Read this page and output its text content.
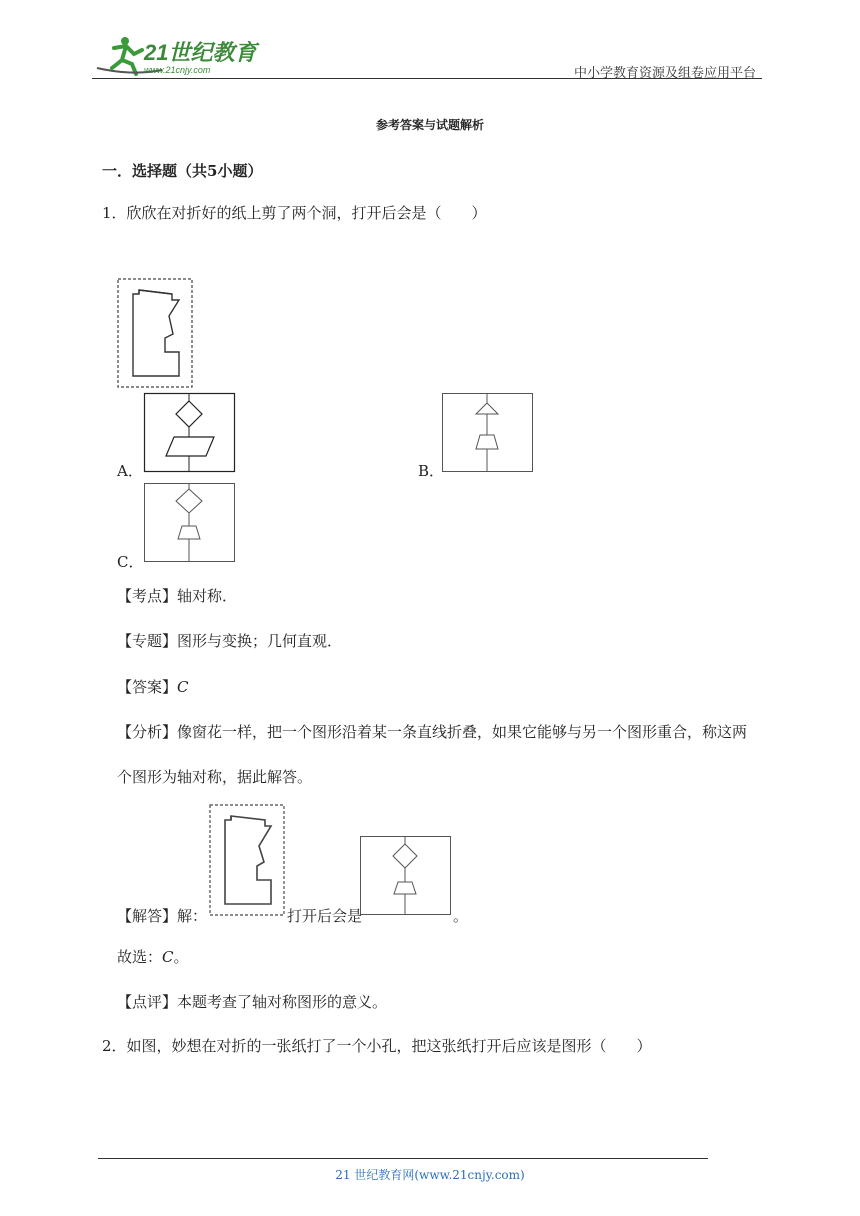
21世纪教育
www.21cnjy.com	中小学教育资源及组卷应用平台
参考答案与试题解析
一．选择题（共5小题）
1．欣欣在对折好的纸上剪了两个洞，打开后会是（　　）
A．	B．
C．
【考点】轴对称．
【专题】图形与变换；几何直观．
【答案】C
【分析】像窗花一样，把一个图形沿着某一条直线折叠，如果它能够与另一个图形重合，称这两
个图形为轴对称，据此解答。
【解答】解：	打开后会是	。
故选：C。
【点评】本题考查了轴对称图形的意义。
2．如图，妙想在对折的一张纸打了一个小孔，把这张纸打开后应该是图形（　　）
21 世纪教育网(www.21cnjy.com)
